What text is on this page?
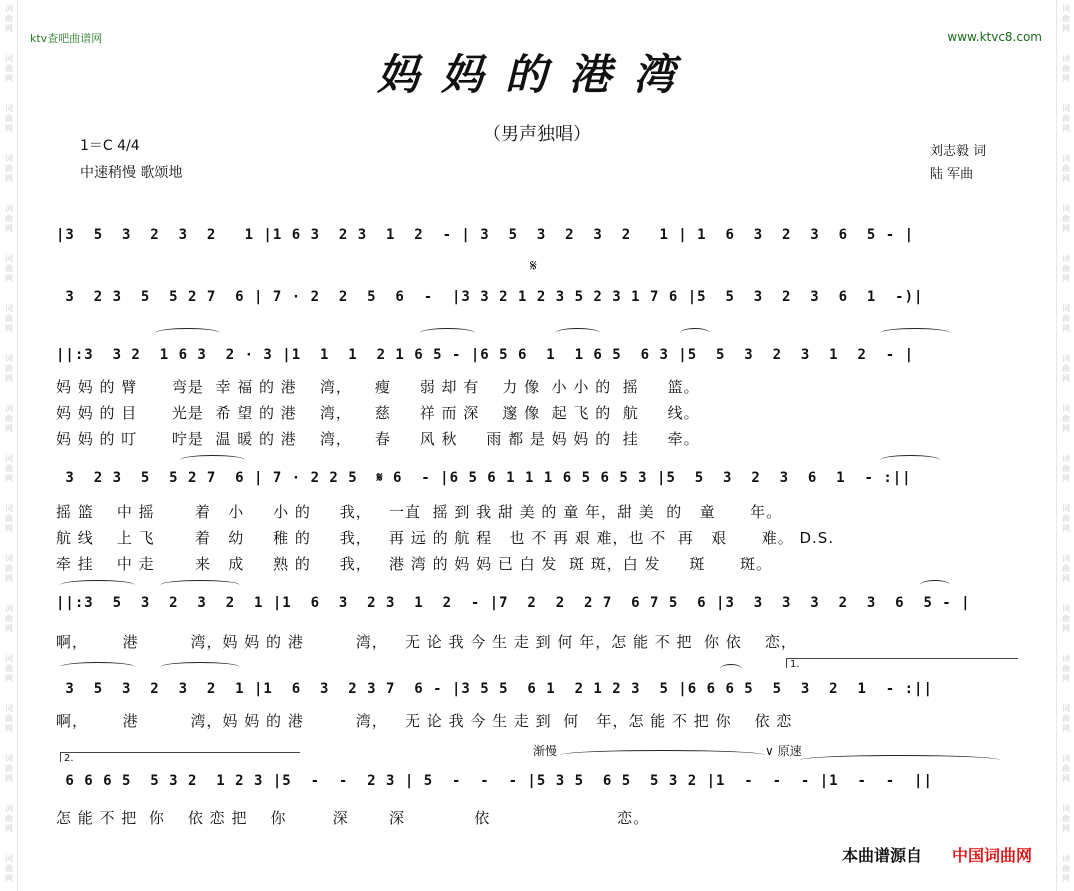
词
曲
网
词
曲
网
词
曲
网
词
曲
网
词
曲
网
词
曲
网
词
曲
网
词
曲
网
词
曲
网
词
曲
网
词
曲
网
词
曲
网
词
曲
网
词
曲
网
词
曲
网
词
曲
网
词
曲
网
词
曲
网
词
曲
网
词
曲
网
词
曲
网
词
曲
网
词
曲
网
词
曲
网
词
曲
网
词
曲
网
词
曲
网
词
曲
网
词
曲
网
词
曲
网
词
曲
网
词
曲
网
词
曲
网
词
曲
网
词
曲
网
词
曲
网
ktv查吧曲谱网	www.ktvc8.com
妈妈的港湾
（男声独唱）
1＝C 4/4
中速稍慢 歌颂地
刘志毅 词
陆 军曲
|3  5  3  2  3  2   1 |1 6 3  2 3  1  2  - | 3  5  3  2  3  2   1 | 1  6  3  2  3  6  5 - |
𝄋
3  2 3  5  5 2 7  6 | 7 · 2  2  5  6  -  |3 3 2 1 2 3 5 2 3 1 7 6 |5  5  3  2  3  6  1  -)|
||:3  3 2  1 6 3  2 · 3 |1  1  1  2 1 6 5 - |6 5 6  1  1 6 5  6 3 |5  5  3  2  3  1  2  - |
妈 妈 的 臂      弯是  幸 福 的 港    湾，    瘦     弱 却 有    力 像  小 小 的  摇     篮。
妈 妈 的 目      光是  希 望 的 港    湾，    慈     祥 而 深    邃 像  起 飞 的  航     线。
妈 妈 的 叮      咛是  温 暖 的 港    湾，    春     风 秋     雨 都 是 妈 妈 的  挂     牵。
3  2 3  5  5 2 7  6 | 7 · 2 2 5  𝄋 6  - |6 5 6 1 1 1 6 5 6 5 3 |5  5  3  2  3  6  1  - :||
摇 篮    中 摇       着   小     小 的     我，   一直  摇 到 我 甜 美 的 童 年，甜 美  的   童      年。
航 线    上 飞       着   幼     稚 的     我，   再 远 的 航 程   也 不 再 艰 难，也 不  再   艰      难。 D.S.
牵 挂    中 走       来   成     熟 的     我，   港 湾 的 妈 妈 已 白 发  斑 斑，白 发     斑      斑。
||:3  5  3  2  3  2  1 |1  6  3  2 3  1  2  - |7  2  2  2 7  6 7 5  6 |3  3  3  3  2  3  6  5 - |
啊，      港         湾，妈 妈 的 港         湾，   无 论 我 今 生 走 到 何 年，怎 能 不 把  你 依    恋，
1.
3  5  3  2  3  2  1 |1  6  3  2 3 7  6 - |3 5 5  6 1  2 1 2 3  5 |6 6 6 5  5  3  2  1  - :||
啊，      港         湾，妈 妈 的 港         湾，   无 论 我 今 生 走 到  何   年，怎 能 不 把 你    依 恋
2.
渐慢	∨ 原速
6 6 6 5  5 3 2  1 2 3 |5  -  -  2 3 | 5  -  -  - |5 3 5  6 5  5 3 2 |1  -  -  - |1  -  -  ||
怎 能 不 把  你    依 恋 把    你        深       深            依                      恋。
本曲谱源自 中国词曲网
